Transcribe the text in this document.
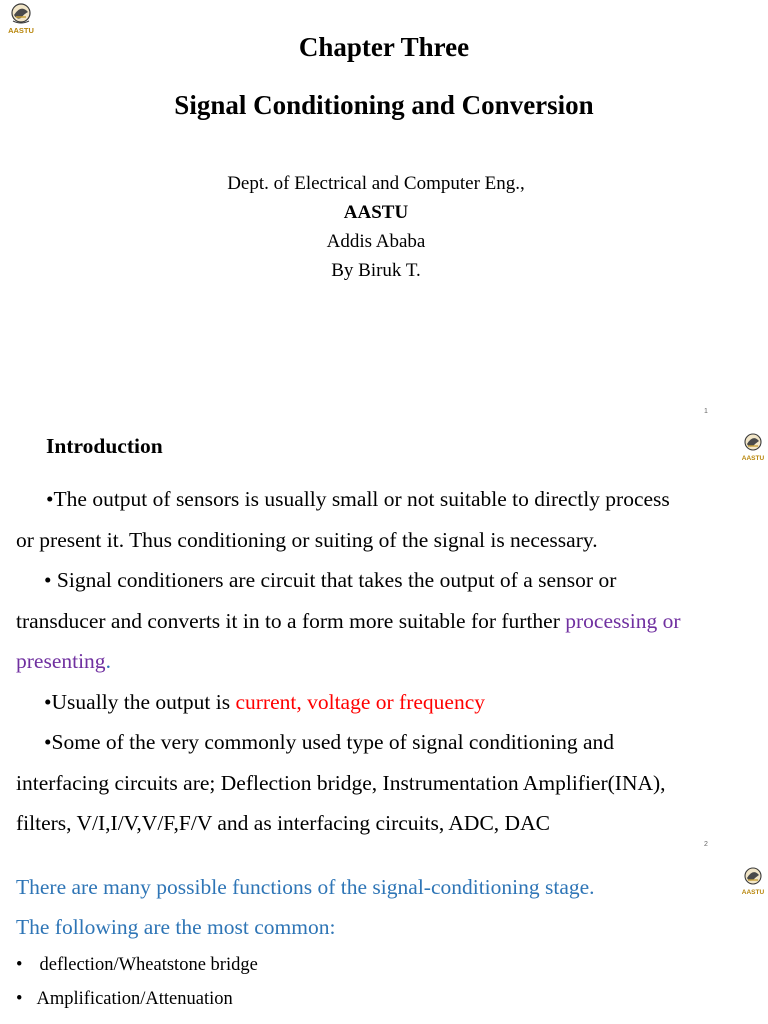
AASTU
Chapter Three
Signal Conditioning and Conversion
Dept. of Electrical and Computer Eng.,
AASTU
Addis Ababa
By Biruk T.
1
AASTU
Introduction
•The output of sensors is usually small or not suitable to directly process
or present it. Thus conditioning or suiting of the signal is necessary.
• Signal conditioners are circuit that takes the output of a sensor or
transducer and converts it in to a form more suitable for further processing or
presenting.
•Usually the output is current, voltage or frequency
•Some of the very commonly used type of signal conditioning and
interfacing circuits are; Deflection bridge, Instrumentation Amplifier(INA),
filters, V/I,I/V,V/F,F/V and as interfacing circuits, ADC, DAC
2
AASTU
There are many possible functions of the signal-conditioning stage.
The following are the most common:
• deflection/Wheatstone bridge
• Amplification/Attenuation
